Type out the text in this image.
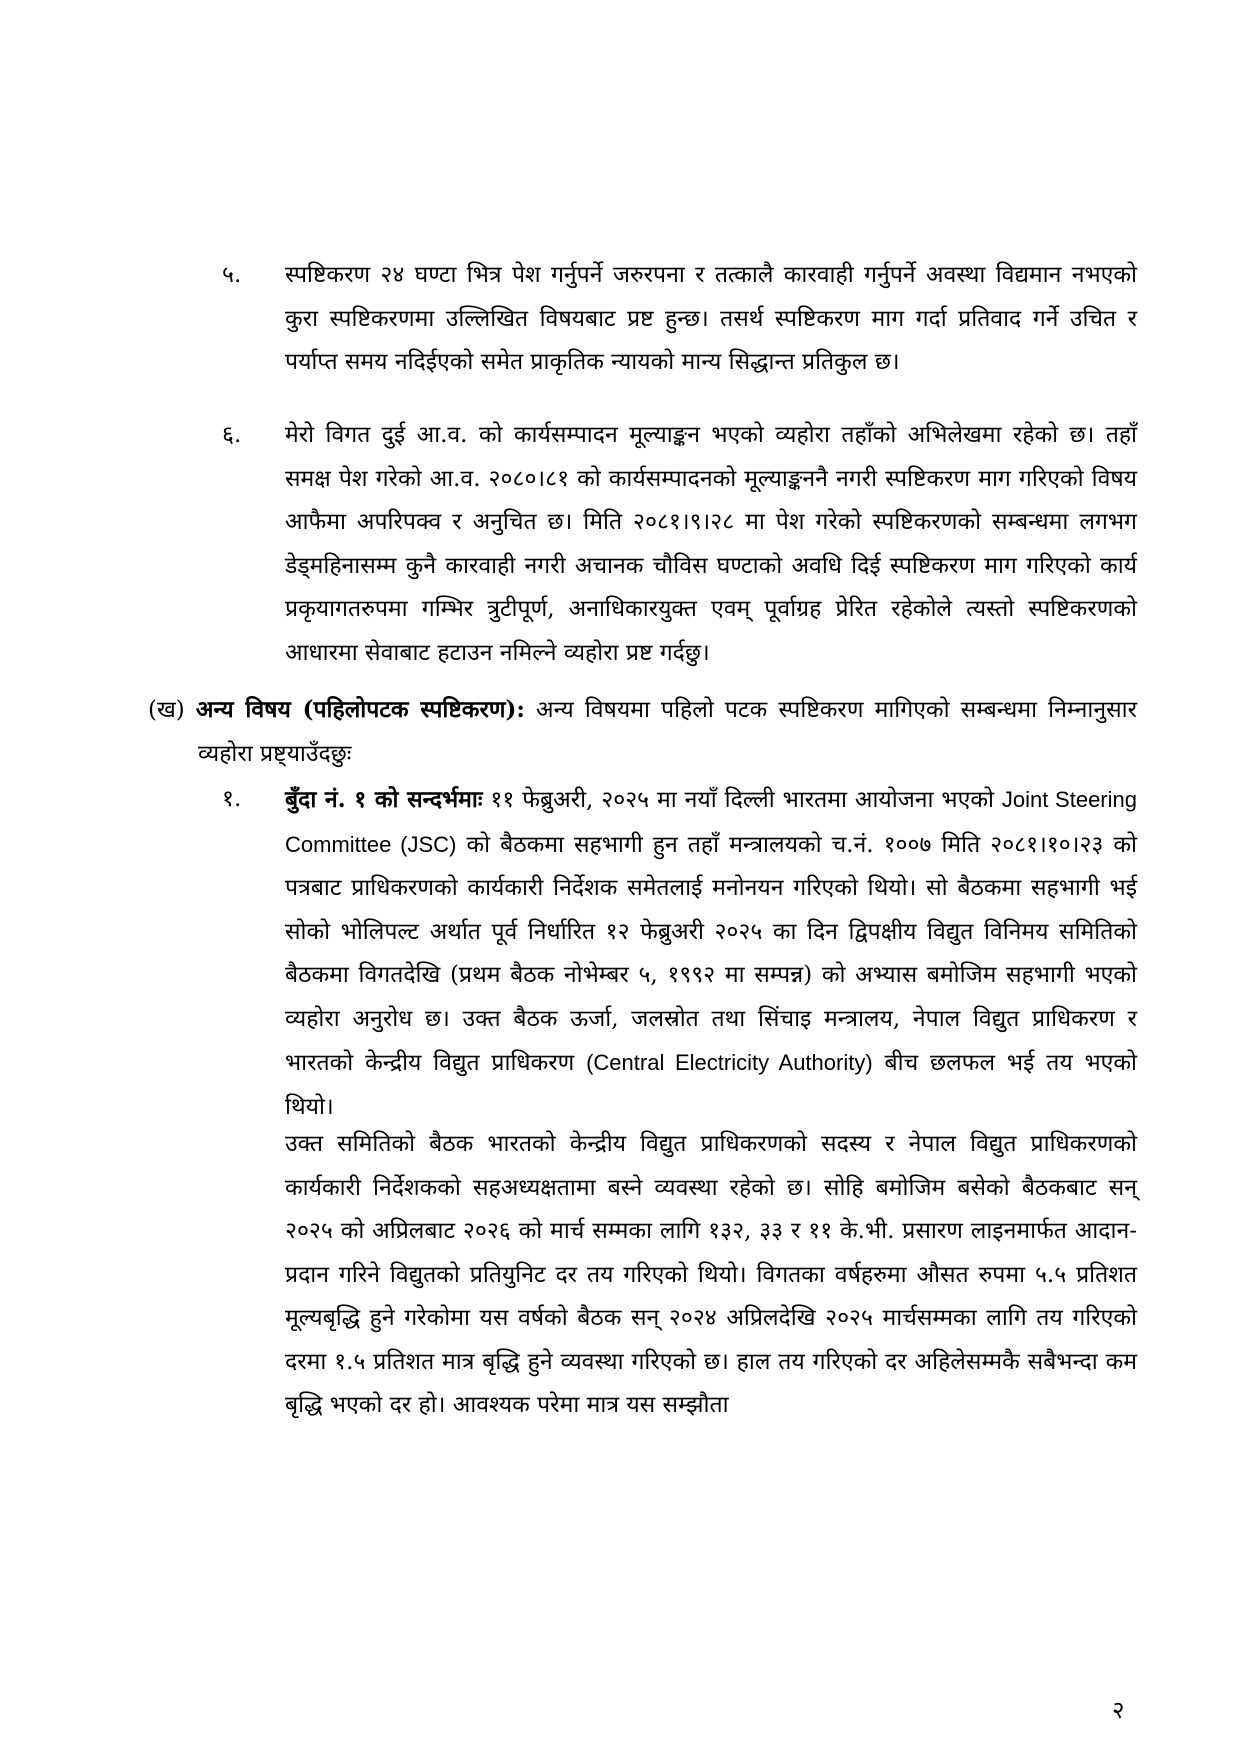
५.	स्पष्टिकरण २४ घण्टा भित्र पेश गर्नुपर्ने जरुरपना र तत्कालै कारवाही गर्नुपर्ने अवस्था विद्यमान नभएको कुरा स्पष्टिकरणमा उल्लिखित विषयबाट प्रष्ट हुन्छ। तसर्थ स्पष्टिकरण माग गर्दा प्रतिवाद गर्ने उचित र पर्याप्त समय नदिईएको समेत प्राकृतिक न्यायको मान्य सिद्धान्त प्रतिकुल छ।
६.	मेरो विगत दुई आ.व. को कार्यसम्पादन मूल्याङ्कन भएको व्यहोरा तहाँको अभिलेखमा रहेको छ। तहाँ समक्ष पेश गरेको आ.व. २०८०।८१ को कार्यसम्पादनको मूल्याङ्कननै नगरी स्पष्टिकरण माग गरिएको विषय आफैमा अपरिपक्व र अनुचित छ। मिति २०८१।९।२८ मा पेश गरेको स्पष्टिकरणको सम्बन्धमा लगभग डेड्महिनासम्म कुनै कारवाही नगरी अचानक चौविस घण्टाको अवधि दिई स्पष्टिकरण माग गरिएको कार्य प्रकृयागतरुपमा गम्भिर त्रुटीपूर्ण, अनाधिकारयुक्त एवम् पूर्वाग्रह प्रेरित रहेकोले त्यस्तो स्पष्टिकरणको आधारमा सेवाबाट हटाउन नमिल्ने व्यहोरा प्रष्ट गर्दछु।
(ख) अन्य विषय (पहिलोपटक स्पष्टिकरण): अन्य विषयमा पहिलो पटक स्पष्टिकरण मागिएको सम्बन्धमा निम्नानुसार व्यहोरा प्रष्ट्याउँदछुः
१.	बुँदा नं. १ को सन्दर्भमाः ११ फेब्रुअरी, २०२५ मा नयाँ दिल्ली भारतमा आयोजना भएको Joint Steering Committee (JSC) को बैठकमा सहभागी हुन तहाँ मन्त्रालयको च.नं. १००७ मिति २०८१।१०।२३ को पत्रबाट प्राधिकरणको कार्यकारी निर्देशक समेतलाई मनोनयन गरिएको थियो। सो बैठकमा सहभागी भई सोको भोलिपल्ट अर्थात पूर्व निर्धारित १२ फेब्रुअरी २०२५ का दिन द्विपक्षीय विद्युत विनिमय समितिको बैठकमा विगतदेखि (प्रथम बैठक नोभेम्बर ५, १९९२ मा सम्पन्न) को अभ्यास बमोजिम सहभागी भएको व्यहोरा अनुरोध छ। उक्त बैठक ऊर्जा, जलस्रोत तथा सिंचाइ मन्त्रालय, नेपाल विद्युत प्राधिकरण र भारतको केन्द्रीय विद्युत प्राधिकरण (Central Electricity Authority) बीच छलफल भई तय भएको थियो।
उक्त समितिको बैठक भारतको केन्द्रीय विद्युत प्राधिकरणको सदस्य र नेपाल विद्युत प्राधिकरणको कार्यकारी निर्देशकको सहअध्यक्षतामा बस्ने व्यवस्था रहेको छ। सोहि बमोजिम बसेको बैठकबाट सन् २०२५ को अप्रिलबाट २०२६ को मार्च सम्मका लागि १३२, ३३ र ११ के.भी. प्रसारण लाइनमार्फत आदान-प्रदान गरिने विद्युतको प्रतियुनिट दर तय गरिएको थियो। विगतका वर्षहरुमा औसत रुपमा ५.५ प्रतिशत मूल्यबृद्धि हुने गरेकोमा यस वर्षको बैठक सन् २०२४ अप्रिलदेखि २०२५ मार्चसम्मका लागि तय गरिएको दरमा १.५ प्रतिशत मात्र बृद्धि हुने व्यवस्था गरिएको छ। हाल तय गरिएको दर अहिलेसम्मकै सबैभन्दा कम बृद्धि भएको दर हो। आवश्यक परेमा मात्र यस सम्झौता
२
